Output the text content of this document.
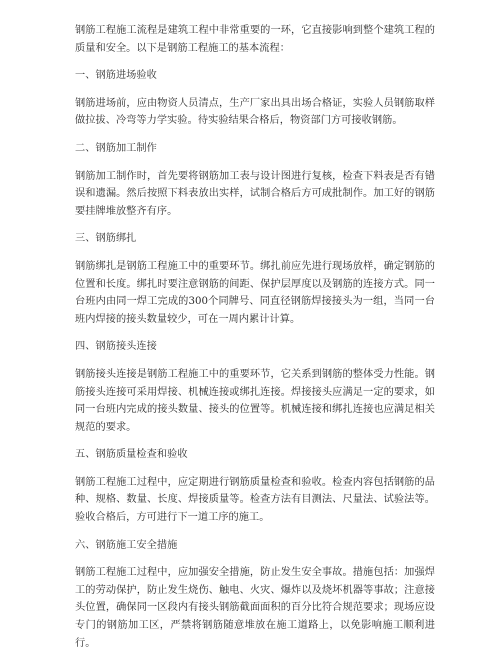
钢筋工程施工流程是建筑工程中非常重要的一环，它直接影响到整个建筑工程的质量和安全。以下是钢筋工程施工的基本流程：

一、钢筋进场验收

钢筋进场前，应由物资人员清点，生产厂家出具出场合格证，实验人员钢筋取样做拉拔、冷弯等力学实验。待实验结果合格后，物资部门方可接收钢筋。

二、钢筋加工制作

钢筋加工制作时，首先要将钢筋加工表与设计图进行复核，检查下料表是否有错误和遗漏。然后按照下料表放出实样，试制合格后方可成批制作。加工好的钢筋要挂牌堆放整齐有序。

三、钢筋绑扎

钢筋绑扎是钢筋工程施工中的重要环节。绑扎前应先进行现场放样，确定钢筋的位置和长度。绑扎时要注意钢筋的间距、保护层厚度以及钢筋的连接方式。同一台班内由同一焊工完成的300个同牌号、同直径钢筋焊接接头为一组，当同一台班内焊接的接头数量较少，可在一周内累计计算。

四、钢筋接头连接

钢筋接头连接是钢筋工程施工中的重要环节，它关系到钢筋的整体受力性能。钢筋接头连接可采用焊接、机械连接或绑扎连接。焊接接头应满足一定的要求，如同一台班内完成的接头数量、接头的位置等。机械连接和绑扎连接也应满足相关规范的要求。

五、钢筋质量检查和验收

钢筋工程施工过程中，应定期进行钢筋质量检查和验收。检查内容包括钢筋的品种、规格、数量、长度、焊接质量等。检查方法有目测法、尺量法、试验法等。验收合格后，方可进行下一道工序的施工。

六、钢筋施工安全措施

钢筋工程施工过程中，应加强安全措施，防止发生安全事故。措施包括：加强焊工的劳动保护，防止发生烧伤、触电、火灾、爆炸以及烧坏机器等事故；注意接头位置，确保同一区段内有接头钢筋截面面积的百分比符合规范要求；现场应设专门的钢筋加工区，严禁将钢筋随意堆放在施工道路上，以免影响施工顺利进行。
